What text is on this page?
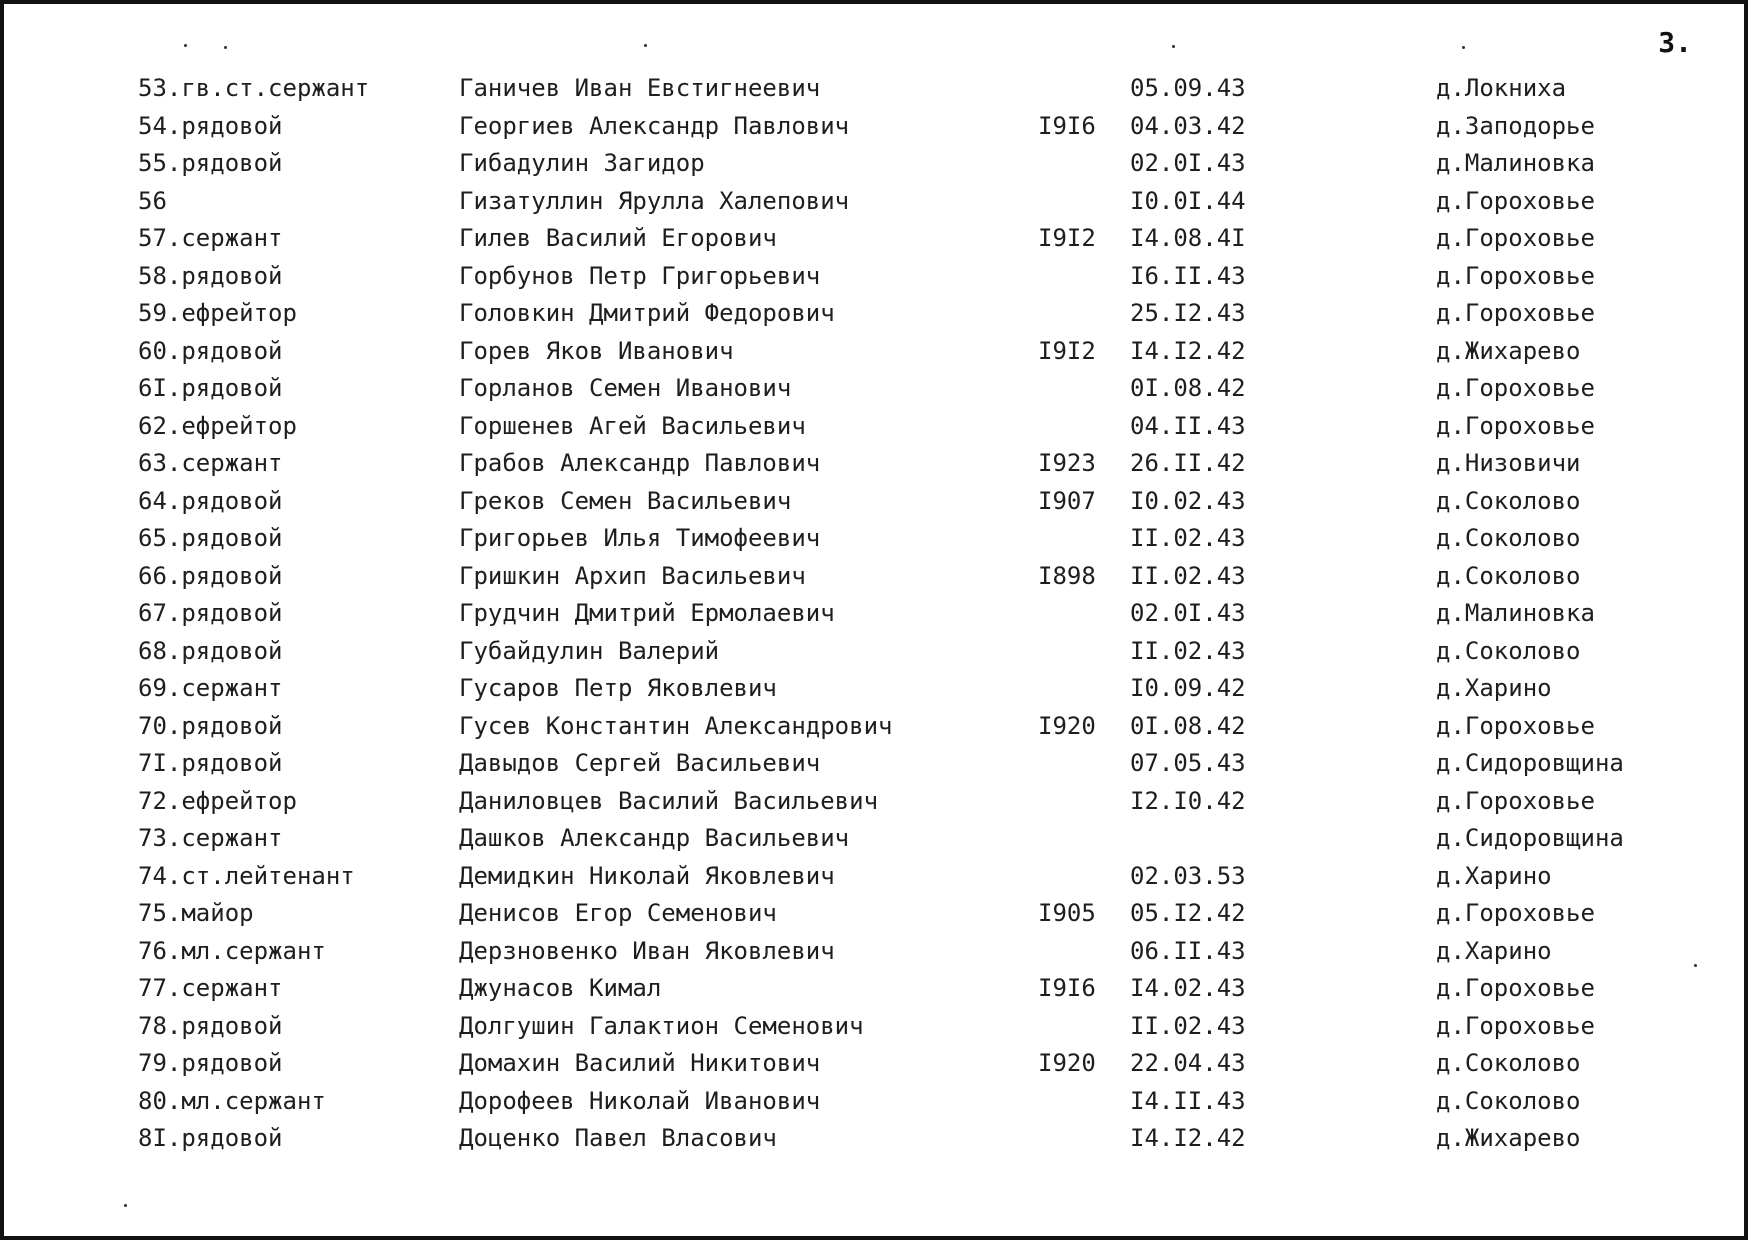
3.
53.гв.ст.сержант	Ганичев Иван Евстигнеевич	05.09.43	д.Локниха
54.рядовой	Георгиев Александр Павлович	I9I6 04.03.42	д.Заподорье
55.рядовой	Гибадулин Загидор	02.0I.43	д.Малиновка
56	Гизатуллин Ярулла Халепович	I0.0I.44	д.Гороховье
57.сержант	Гилев Василий Егорович	I9I2 I4.08.4I	д.Гороховье
58.рядовой	Горбунов Петр Григорьевич	I6.II.43	д.Гороховье
59.ефрейтор	Головкин Дмитрий Федорович	25.I2.43	д.Гороховье
60.рядовой	Горев Яков Иванович	I9I2 I4.I2.42	д.Жихарево
6I.рядовой	Горланов Семен Иванович	0I.08.42	д.Гороховье
62.ефрейтор	Горшенев Агей Васильевич	04.II.43	д.Гороховье
63.сержант	Грабов Александр Павлович	I923 26.II.42	д.Низовичи
64.рядовой	Греков Семен Васильевич	I907 I0.02.43	д.Соколово
65.рядовой	Григорьев Илья Тимофеевич	II.02.43	д.Соколово
66.рядовой	Гришкин Архип Васильевич	I898 II.02.43	д.Соколово
67.рядовой	Грудчин Дмитрий Ермолаевич	02.0I.43	д.Малиновка
68.рядовой	Губайдулин Валерий	II.02.43	д.Соколово
69.сержант	Гусаров Петр Яковлевич	I0.09.42	д.Харино
70.рядовой	Гусев Константин Александрович	I920 0I.08.42	д.Гороховье
7I.рядовой	Давыдов Сергей Васильевич	07.05.43	д.Сидоровщина
72.ефрейтор	Даниловцев Василий Васильевич	I2.I0.42	д.Гороховье
73.сержант	Дашков Александр Васильевич	д.Сидоровщина
74.ст.лейтенант	Демидкин Николай Яковлевич	02.03.53	д.Харино
75.майор	Денисов Егор Семенович	I905 05.I2.42	д.Гороховье
76.мл.сержант	Дерзновенко Иван Яковлевич	06.II.43	д.Харино
77.сержант	Джунасов Кимал	I9I6 I4.02.43	д.Гороховье
78.рядовой	Долгушин Галактион Семенович	II.02.43	д.Гороховье
79.рядовой	Домахин Василий Никитович	I920 22.04.43	д.Соколово
80.мл.сержант	Дорофеев Николай Иванович	I4.II.43	д.Соколово
8I.рядовой	Доценко Павел Власович	I4.I2.42	д.Жихарево
